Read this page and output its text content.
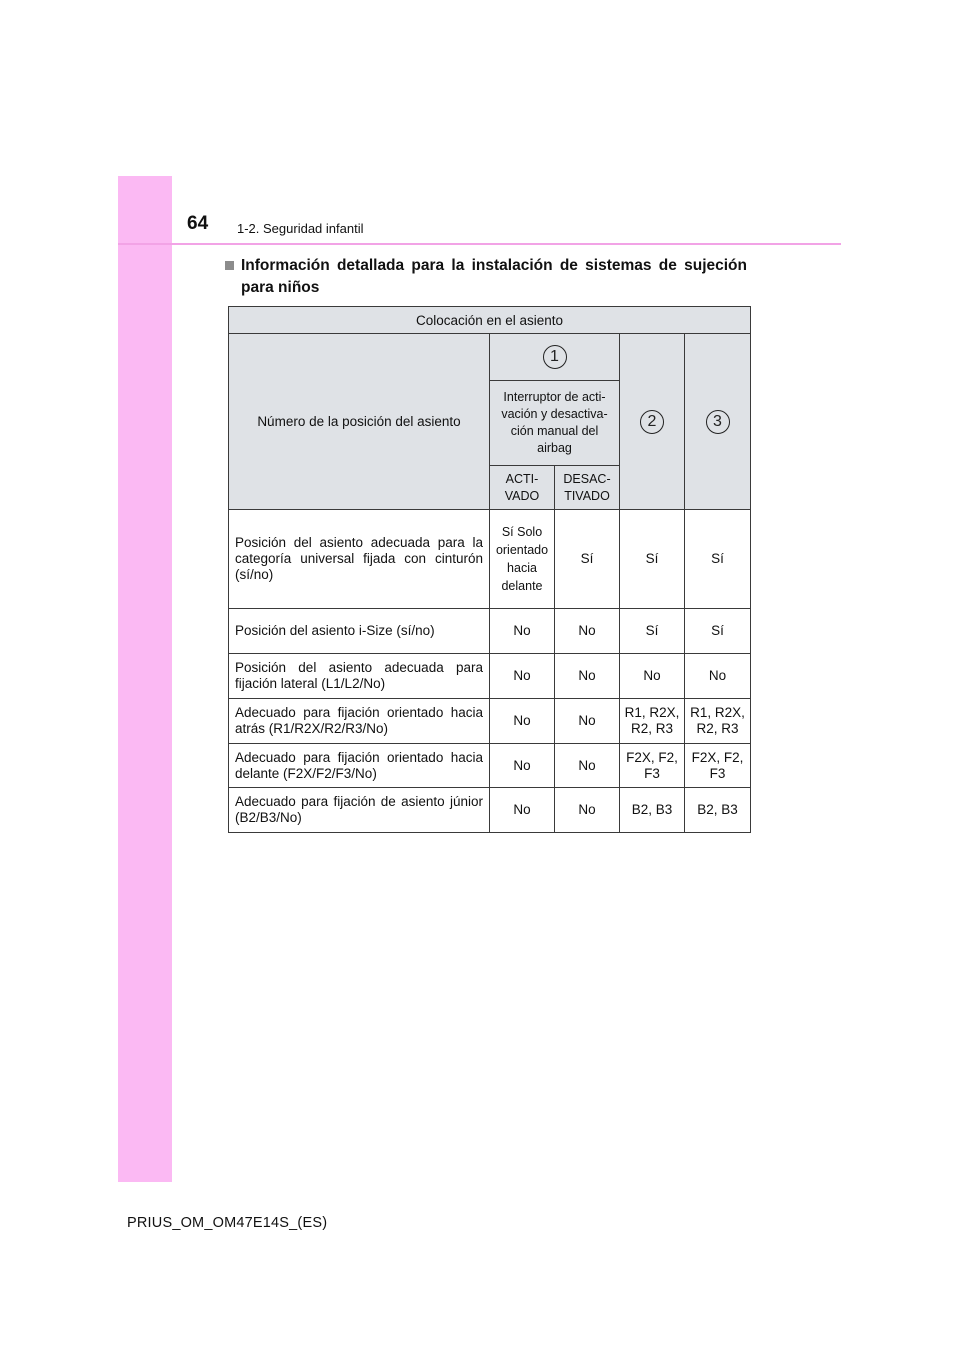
64 1-2. Seguridad infantil
Información detallada para la instalación de sistemas de sujeción para niños
Colocación en el asiento				
Número de la posición del asiento	1		2	3
	Interruptor de acti-vación y desactiva-ción manual del airbag			
	ACTI-VADO	DESAC-TIVADO		
Posición del asiento adecuada para la categoría universal fijada con cinturón (sí/no)	Sí Solo orientado hacia delante	Sí	Sí	Sí
Posición del asiento i-Size (sí/no)	No	No	Sí	Sí
Posición del asiento adecuada para fijación lateral (L1/L2/No)	No	No	No	No
Adecuado para fijación orientado hacia atrás (R1/R2X/R2/R3/No)	No	No	R1, R2X, R2, R3	R1, R2X, R2, R3
Adecuado para fijación orientado hacia delante (F2X/F2/F3/No)	No	No	F2X, F2, F3	F2X, F2, F3
Adecuado para fijación de asiento júnior (B2/B3/No)	No	No	B2, B3	B2, B3
PRIUS_OM_OM47E14S_(ES)
